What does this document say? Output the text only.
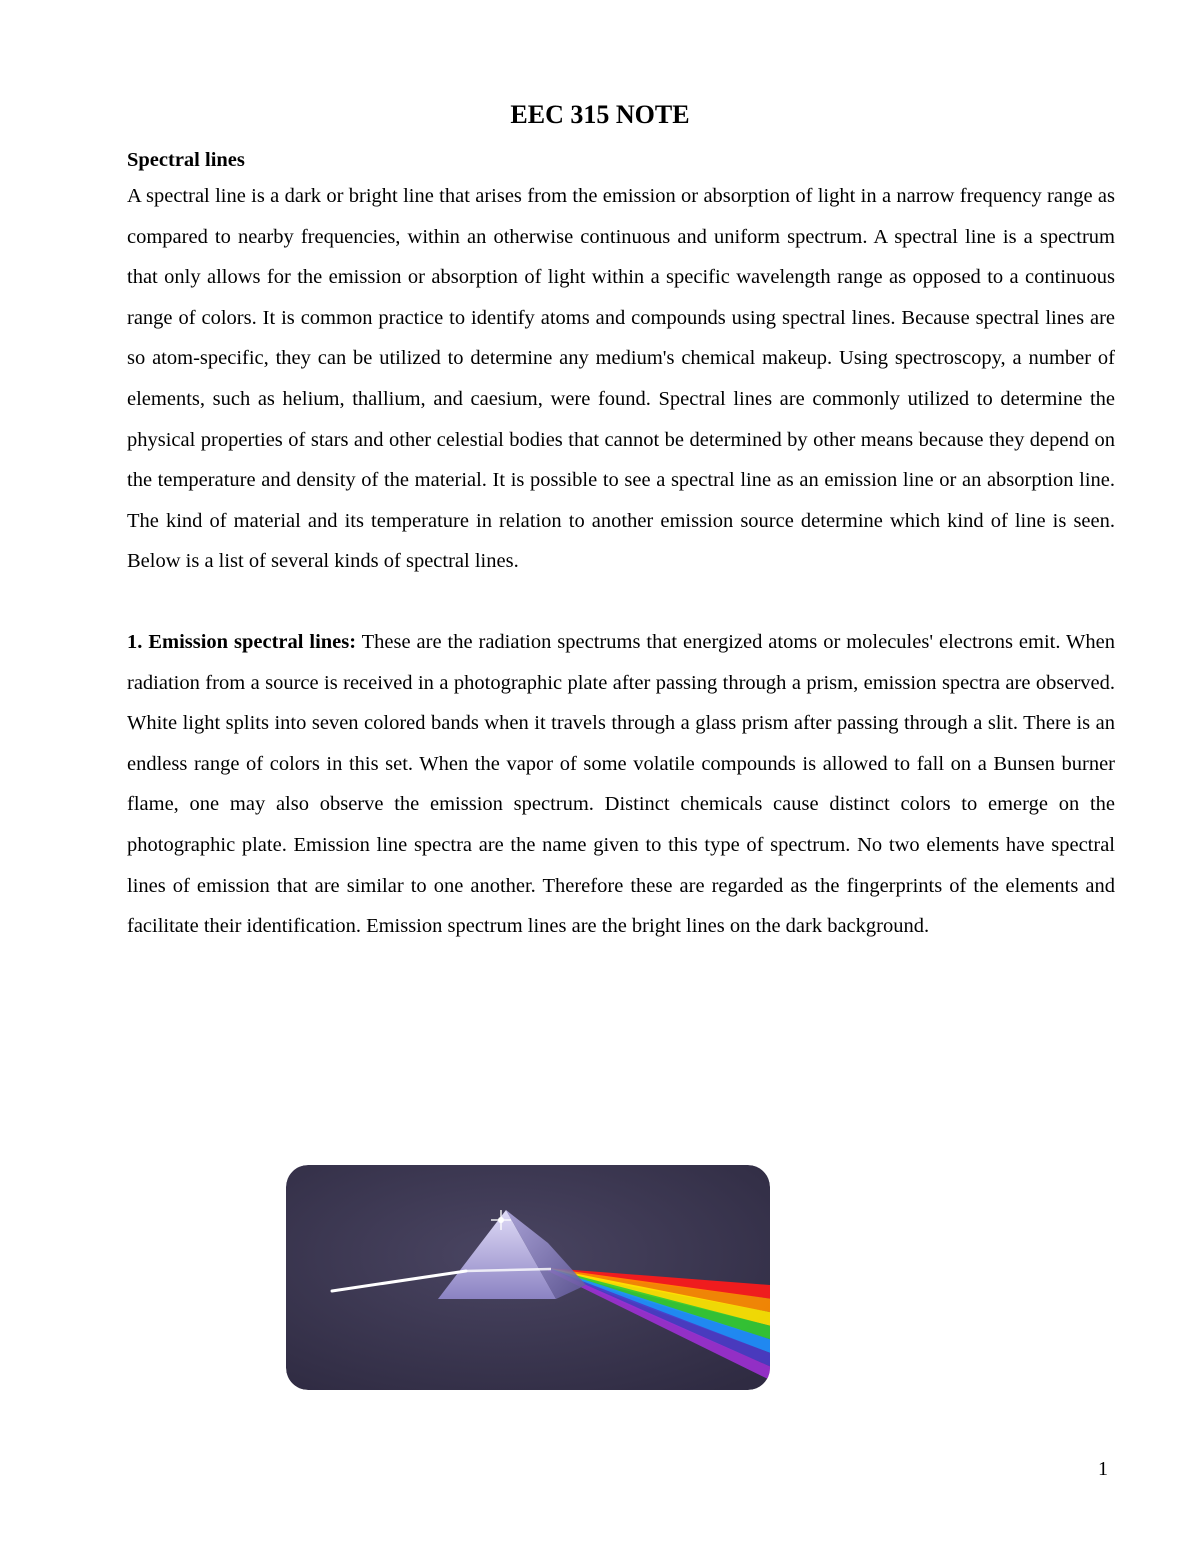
EEC 315 NOTE

Spectral lines

A spectral line is a dark or bright line that arises from the emission or absorption of light in a narrow frequency range as compared to nearby frequencies, within an otherwise continuous and uniform spectrum. A spectral line is a spectrum that only allows for the emission or absorption of light within a specific wavelength range as opposed to a continuous range of colors. It is common practice to identify atoms and compounds using spectral lines. Because spectral lines are so atom-specific, they can be utilized to determine any medium's chemical makeup. Using spectroscopy, a number of elements, such as helium, thallium, and caesium, were found. Spectral lines are commonly utilized to determine the physical properties of stars and other celestial bodies that cannot be determined by other means because they depend on the temperature and density of the material. It is possible to see a spectral line as an emission line or an absorption line. The kind of material and its temperature in relation to another emission source determine which kind of line is seen. Below is a list of several kinds of spectral lines.

1. Emission spectral lines: These are the radiation spectrums that energized atoms or molecules' electrons emit. When radiation from a source is received in a photographic plate after passing through a prism, emission spectra are observed. White light splits into seven colored bands when it travels through a glass prism after passing through a slit. There is an endless range of colors in this set. When the vapor of some volatile compounds is allowed to fall on a Bunsen burner flame, one may also observe the emission spectrum. Distinct chemicals cause distinct colors to emerge on the photographic plate. Emission line spectra are the name given to this type of spectrum. No two elements have spectral lines of emission that are similar to one another. Therefore these are regarded as the fingerprints of the elements and facilitate their identification. Emission spectrum lines are the bright lines on the dark background.

1
